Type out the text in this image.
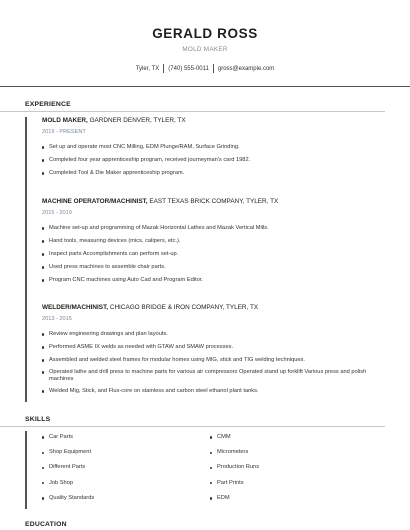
GERALD ROSS
MOLD MAKER
Tyler, TX (740) 555-0011 gross@example.com
EXPERIENCE
MOLD MAKER, GARDNER DENVER, TYLER, TX
2019 - PRESENT
Set up and operate most CNC Milling, EDM Plunge/RAM, Surface Grinding.
Completed four year apprenticeship program, received journeyman's card 1982.
Completed Tool & Die Maker apprenticeship program.
MACHINE OPERATOR/MACHINIST, EAST TEXAS BRICK COMPANY, TYLER, TX
2015 - 2019
Machine set-up and programming of Mazak Horizontal Lathes and Mazak Vertical Mills.
Hand tools, measuring devices (mics, calipers, etc.).
Inspect parts Accomplishments can perform set-up.
Used press machines to assemble chair parts.
Program CNC machines using Auto Cad and Program Editor.
WELDER/MACHINIST, CHICAGO BRIDGE & IRON COMPANY, TYLER, TX
2013 - 2015
Review engineering drawings and plan layouts.
Performed ASME IX welds as needed with GTAW and SMAW processes.
Assembled and welded steel frames for modular homes using MIG, stick and TIG welding techniques.
Operated lathe and drill press to machine parts for various air compressors Operated stand up forklift Various press and polish machines
Welded Mig, Stick, and Flux-core on stainless and carbon steel ethanol plant tanks.
SKILLS
Car Parts
Shop Equipment
Different Parts
Job Shop
Quality Standards
CMM
Micrometers
Production Runs
Part Prints
EDM
EDUCATION
